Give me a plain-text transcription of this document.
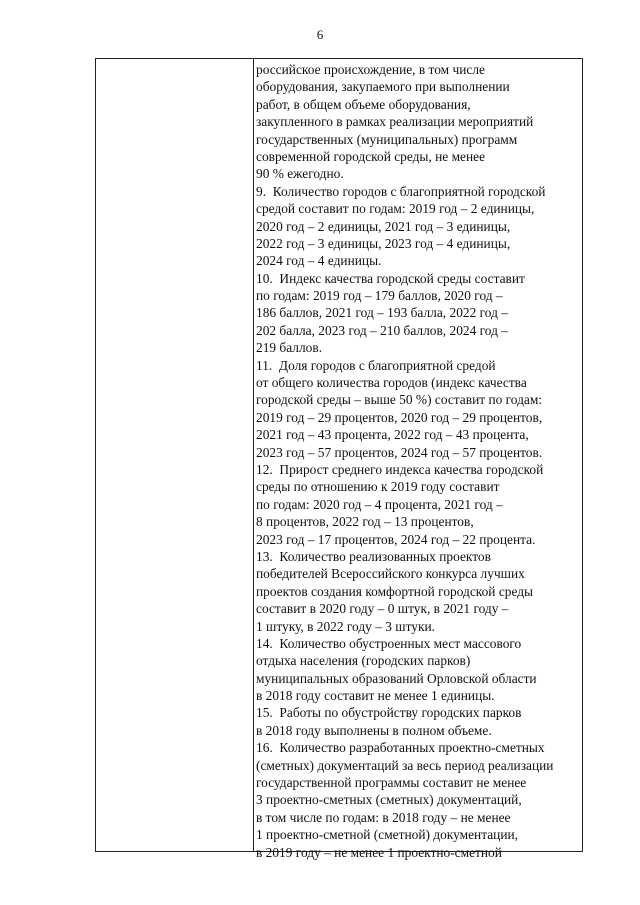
6
российское происхождение, в том числе
оборудования, закупаемого при выполнении
работ, в общем объеме оборудования,
закупленного в рамках реализации мероприятий
государственных (муниципальных) программ
современной городской среды, не менее
90 % ежегодно.
9.  Количество городов с благоприятной городской
средой составит по годам: 2019 год – 2 единицы,
2020 год – 2 единицы, 2021 год – 3 единицы,
2022 год – 3 единицы, 2023 год – 4 единицы,
2024 год – 4 единицы.
10.  Индекс качества городской среды составит
по годам: 2019 год – 179 баллов, 2020 год –
186 баллов, 2021 год – 193 балла, 2022 год –
202 балла, 2023 год – 210 баллов, 2024 год –
219 баллов.
11.  Доля городов с благоприятной средой
от общего количества городов (индекс качества
городской среды – выше 50 %) составит по годам:
2019 год – 29 процентов, 2020 год – 29 процентов,
2021 год – 43 процента, 2022 год – 43 процента,
2023 год – 57 процентов, 2024 год – 57 процентов.
12.  Прирост среднего индекса качества городской
среды по отношению к 2019 году составит
по годам: 2020 год – 4 процента, 2021 год –
8 процентов, 2022 год – 13 процентов,
2023 год – 17 процентов, 2024 год – 22 процента.
13.  Количество реализованных проектов
победителей Всероссийского конкурса лучших
проектов создания комфортной городской среды
составит в 2020 году – 0 штук, в 2021 году –
1 штуку, в 2022 году – 3 штуки.
14.  Количество обустроенных мест массового
отдыха населения (городских парков)
муниципальных образований Орловской области
в 2018 году составит не менее 1 единицы.
15.  Работы по обустройству городских парков
в 2018 году выполнены в полном объеме.
16.  Количество разработанных проектно-сметных
(сметных) документаций за весь период реализации
государственной программы составит не менее
3 проектно-сметных (сметных) документаций,
в том числе по годам: в 2018 году – не менее
1 проектно-сметной (сметной) документации,
в 2019 году – не менее 1 проектно-сметной
